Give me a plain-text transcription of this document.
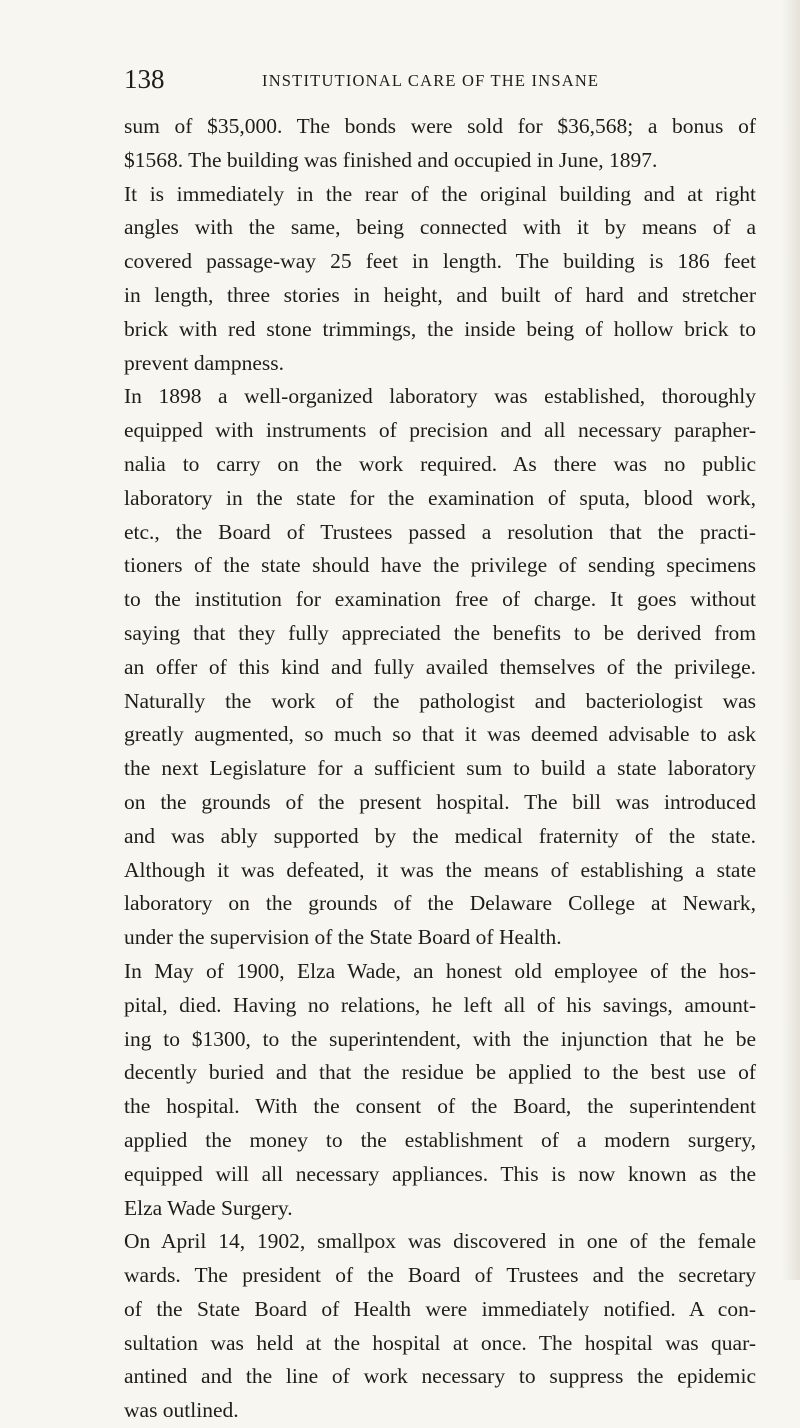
138	INSTITUTIONAL CARE OF THE INSANE
sum of $35,000. The bonds were sold for $36,568; a bonus of
$1568. The building was finished and occupied in June, 1897.
It is immediately in the rear of the original building and at right
angles with the same, being connected with it by means of a
covered passage-way 25 feet in length. The building is 186 feet
in length, three stories in height, and built of hard and stretcher
brick with red stone trimmings, the inside being of hollow brick to
prevent dampness.
In 1898 a well-organized laboratory was established, thoroughly
equipped with instruments of precision and all necessary parapher-
nalia to carry on the work required. As there was no public
laboratory in the state for the examination of sputa, blood work,
etc., the Board of Trustees passed a resolution that the practi-
tioners of the state should have the privilege of sending specimens
to the institution for examination free of charge. It goes without
saying that they fully appreciated the benefits to be derived from
an offer of this kind and fully availed themselves of the privilege.
Naturally the work of the pathologist and bacteriologist was
greatly augmented, so much so that it was deemed advisable to ask
the next Legislature for a sufficient sum to build a state laboratory
on the grounds of the present hospital. The bill was introduced
and was ably supported by the medical fraternity of the state.
Although it was defeated, it was the means of establishing a state
laboratory on the grounds of the Delaware College at Newark,
under the supervision of the State Board of Health.
In May of 1900, Elza Wade, an honest old employee of the hos-
pital, died. Having no relations, he left all of his savings, amount-
ing to $1300, to the superintendent, with the injunction that he be
decently buried and that the residue be applied to the best use of
the hospital. With the consent of the Board, the superintendent
applied the money to the establishment of a modern surgery,
equipped will all necessary appliances. This is now known as the
Elza Wade Surgery.
On April 14, 1902, smallpox was discovered in one of the female
wards. The president of the Board of Trustees and the secretary
of the State Board of Health were immediately notified. A con-
sultation was held at the hospital at once. The hospital was quar-
antined and the line of work necessary to suppress the epidemic
was outlined.
